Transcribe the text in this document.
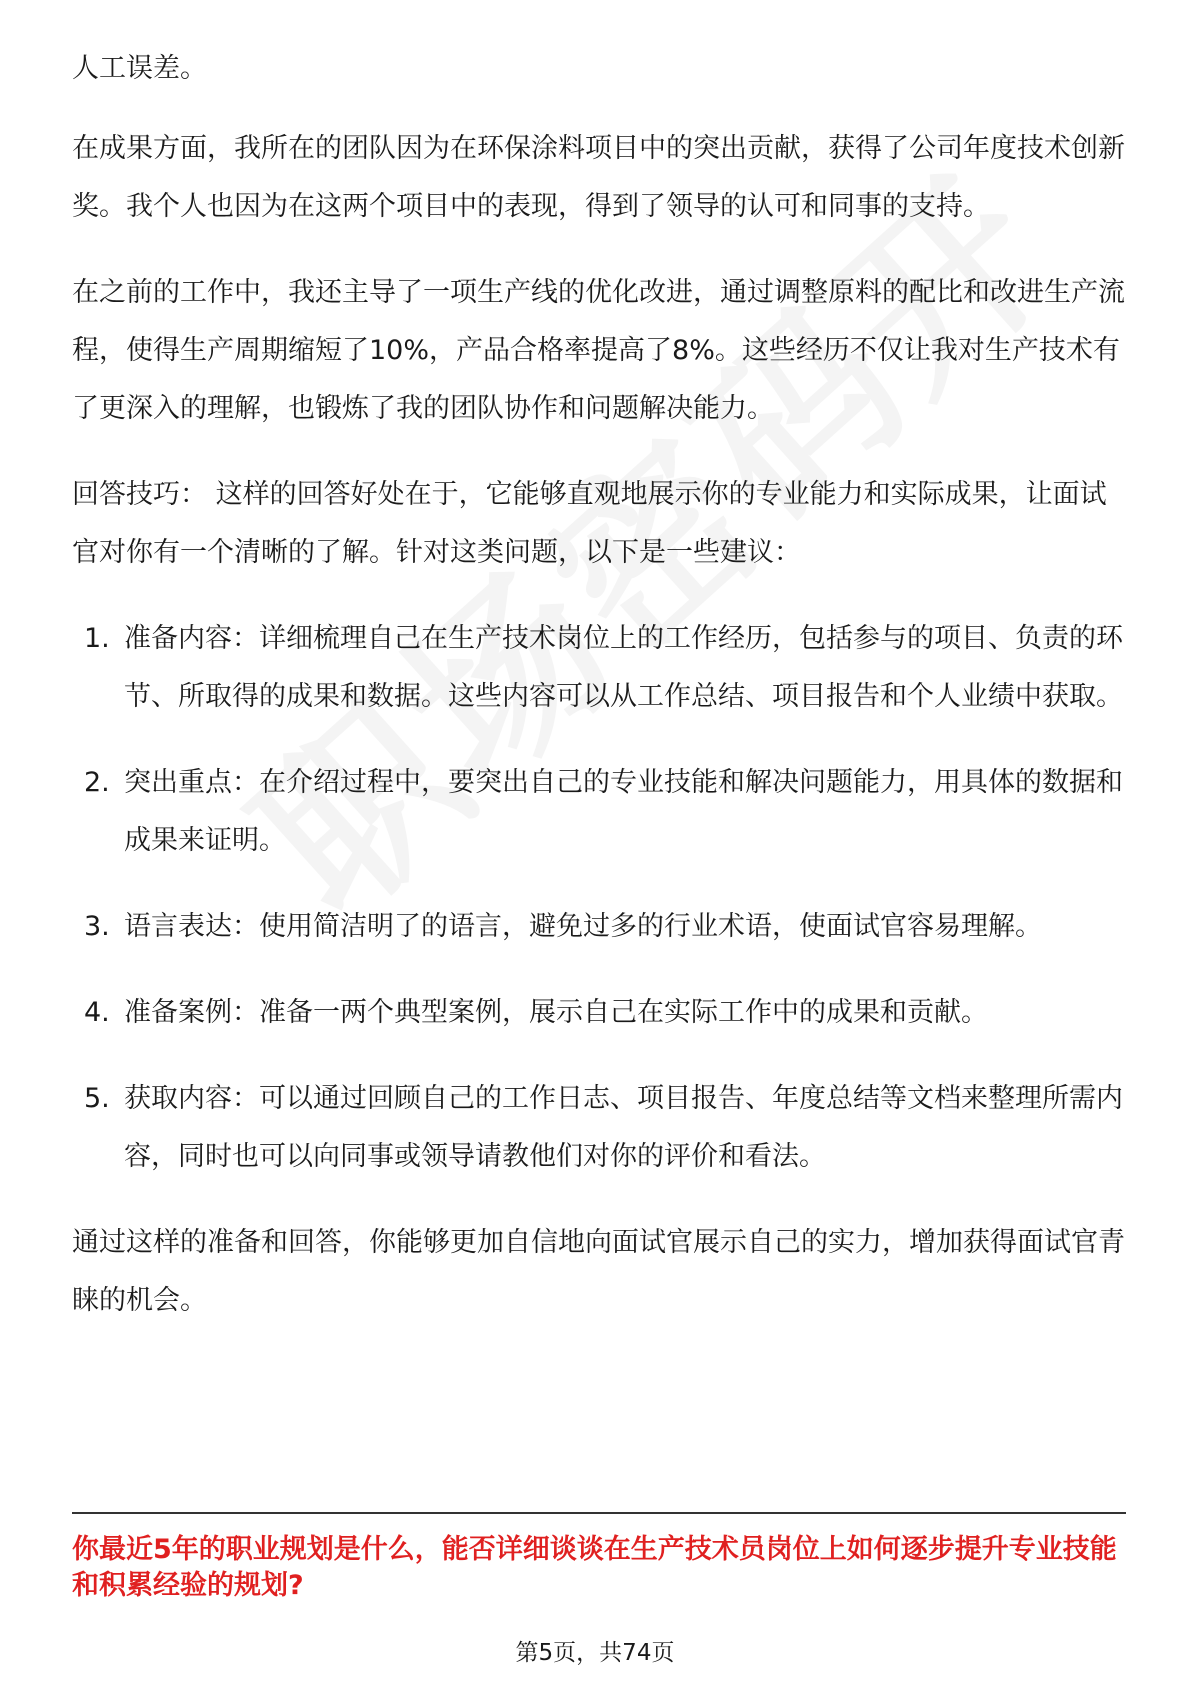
人工误差。

在成果方面，我所在的团队因为在环保涂料项目中的突出贡献，获得了公司年度技术创新奖。我个人也因为在这两个项目中的表现，得到了领导的认可和同事的支持。

在之前的工作中，我还主导了一项生产线的优化改进，通过调整原料的配比和改进生产流程，使得生产周期缩短了10%，产品合格率提高了8%。这些经历不仅让我对生产技术有了更深入的理解，也锻炼了我的团队协作和问题解决能力。

回答技巧： 这样的回答好处在于，它能够直观地展示你的专业能力和实际成果，让面试官对你有一个清晰的了解。针对这类问题，以下是一些建议：

1. 准备内容：详细梳理自己在生产技术岗位上的工作经历，包括参与的项目、负责的环节、所取得的成果和数据。这些内容可以从工作总结、项目报告和个人业绩中获取。
2. 突出重点：在介绍过程中，要突出自己的专业技能和解决问题能力，用具体的数据和成果来证明。
3. 语言表达：使用简洁明了的语言，避免过多的行业术语，使面试官容易理解。
4. 准备案例：准备一两个典型案例，展示自己在实际工作中的成果和贡献。
5. 获取内容：可以通过回顾自己的工作日志、项目报告、年度总结等文档来整理所需内容，同时也可以向同事或领导请教他们对你的评价和看法。

通过这样的准备和回答，你能够更加自信地向面试官展示自己的实力，增加获得面试官青睐的机会。

你最近5年的职业规划是什么，能否详细谈谈在生产技术员岗位上如何逐步提升专业技能和积累经验的规划?
第5页，共74页
